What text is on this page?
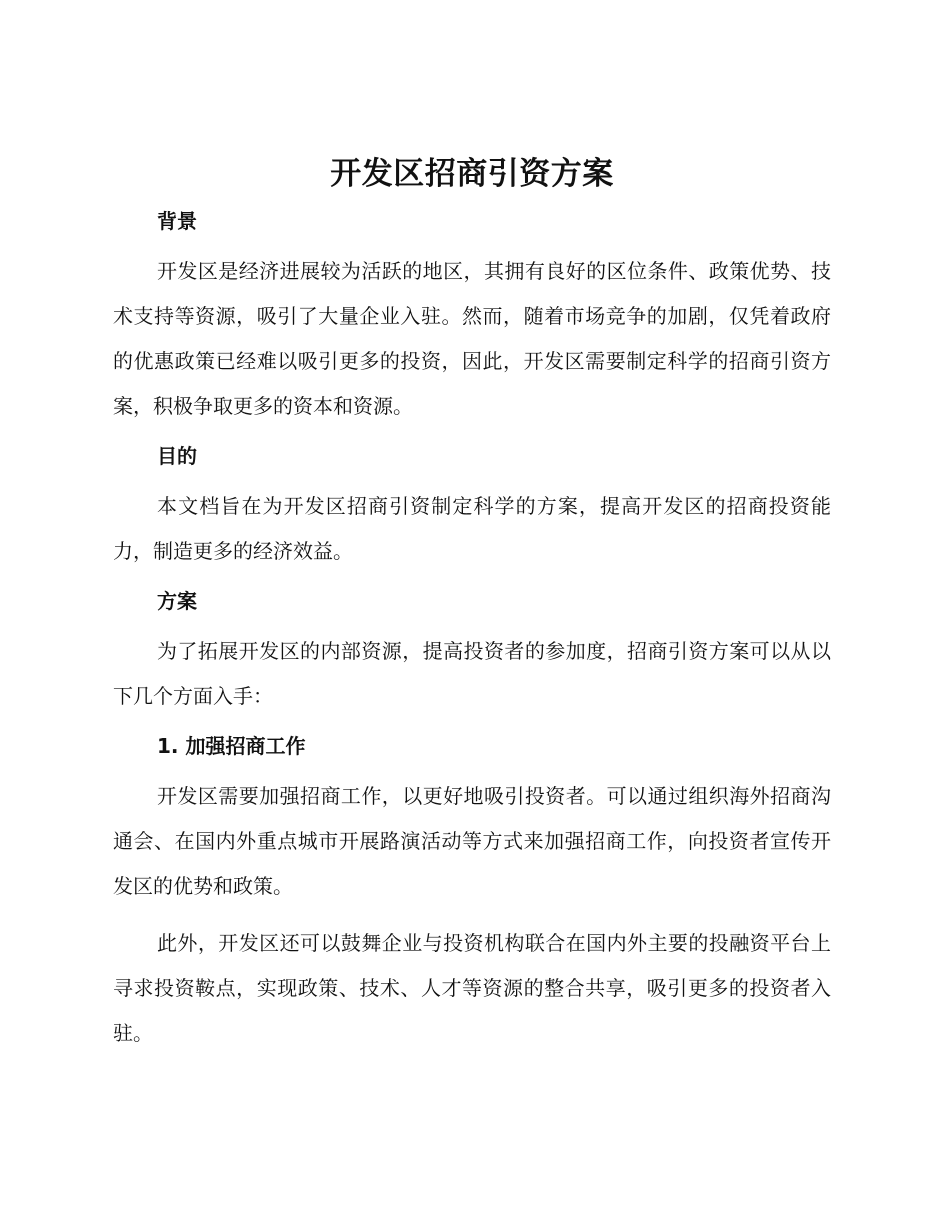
开发区招商引资方案
背景

开发区是经济进展较为活跃的地区，其拥有良好的区位条件、政策优势、技术支持等资源，吸引了大量企业入驻。然而，随着市场竞争的加剧，仅凭着政府的优惠政策已经难以吸引更多的投资，因此，开发区需要制定科学的招商引资方案，积极争取更多的资本和资源。

目的

本文档旨在为开发区招商引资制定科学的方案，提高开发区的招商投资能力，制造更多的经济效益。

方案

为了拓展开发区的内部资源，提高投资者的参加度，招商引资方案可以从以下几个方面入手：

1. 加强招商工作

开发区需要加强招商工作，以更好地吸引投资者。可以通过组织海外招商沟通会、在国内外重点城市开展路演活动等方式来加强招商工作，向投资者宣传开发区的优势和政策。

此外，开发区还可以鼓舞企业与投资机构联合在国内外主要的投融资平台上寻求投资鞍点，实现政策、技术、人才等资源的整合共享，吸引更多的投资者入驻。
